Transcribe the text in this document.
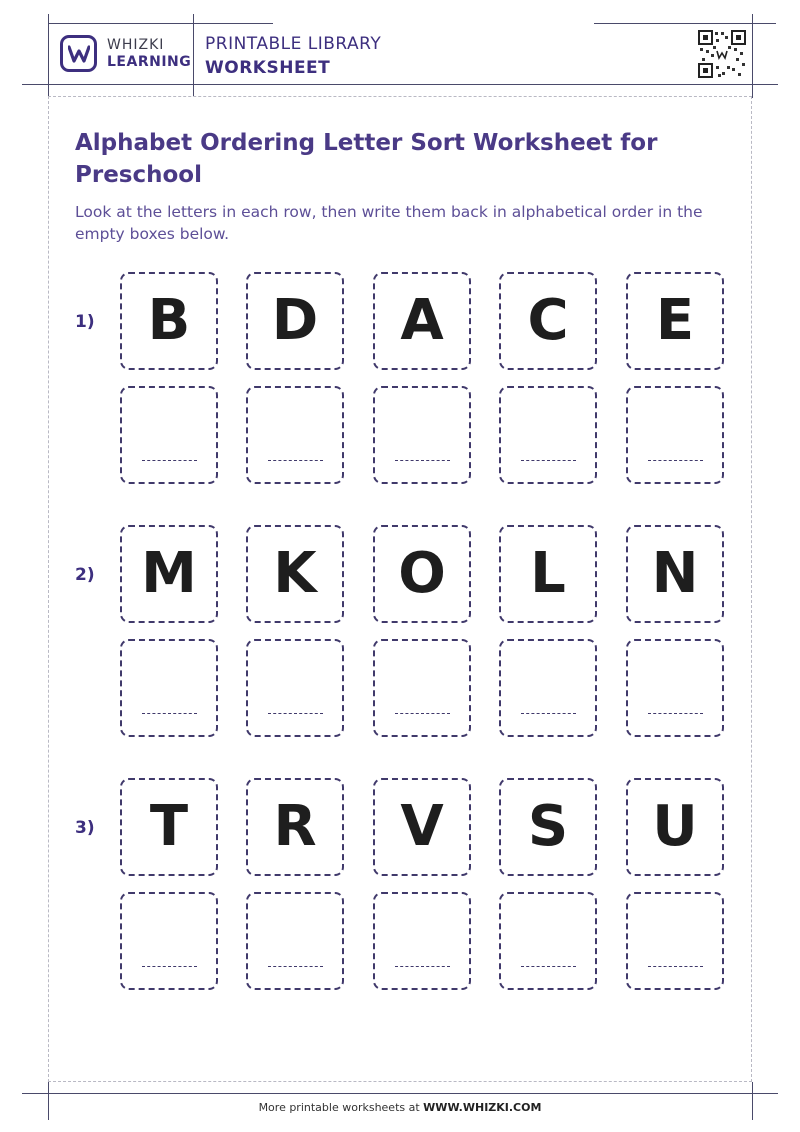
WHIZKI
LEARNING
PRINTABLE LIBRARY
WORKSHEET
Alphabet Ordering Letter Sort Worksheet for Preschool

Look at the letters in each row, then write them back in alphabetical order in the empty boxes below.

1) B D A C E
2) M K O L N
3) T R V S U
More printable worksheets at WWW.WHIZKI.COM
